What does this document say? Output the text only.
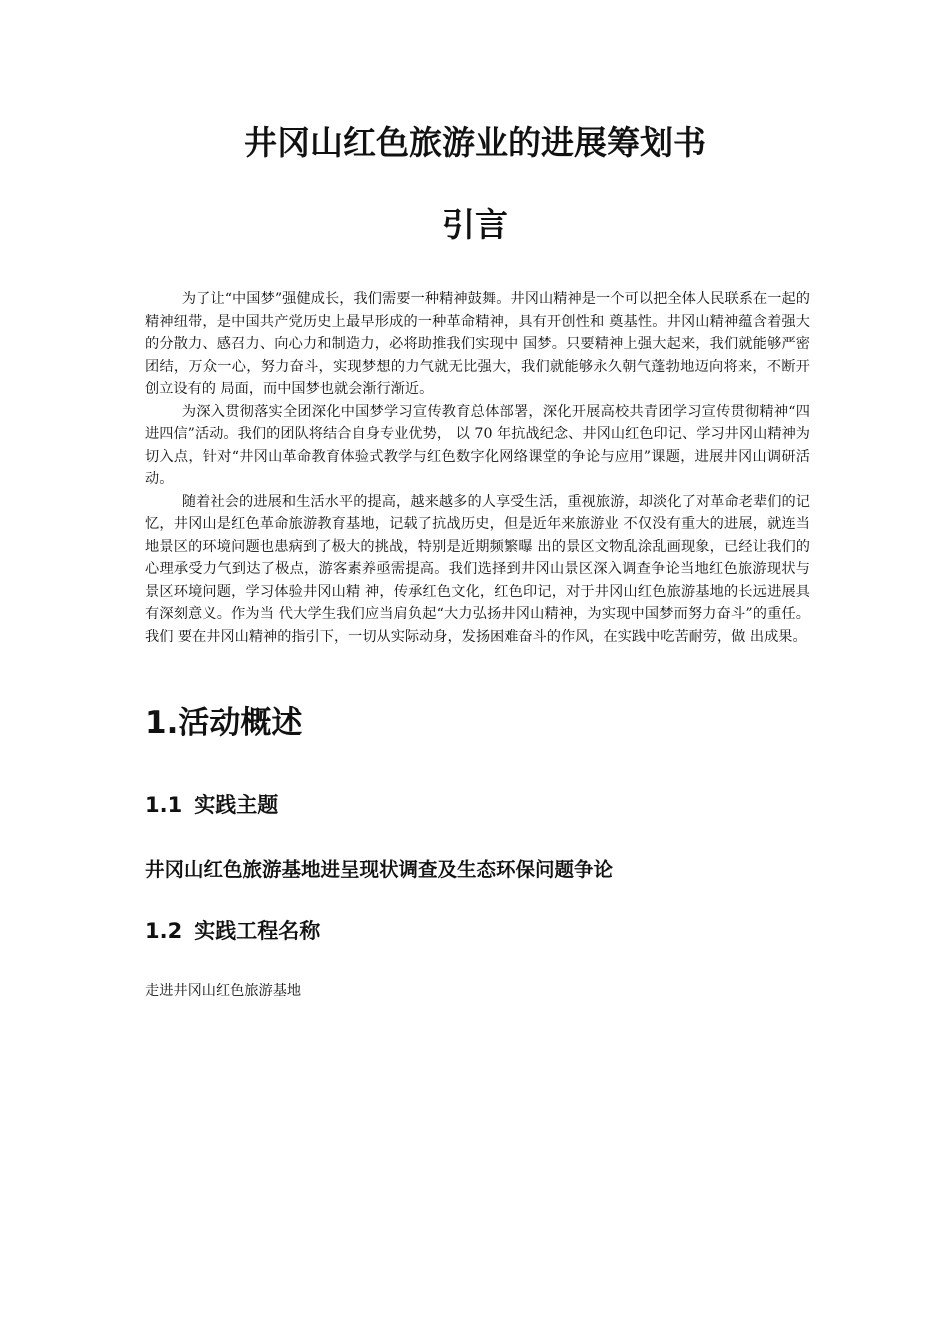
井冈山红色旅游业的进展筹划书
引言

为了让“中国梦”强健成长，我们需要一种精神鼓舞。井冈山精神是一个可以把全体人民联系在一起的精神纽带，是中国共产党历史上最早形成的一种革命精神，具有开创性和 奠基性。井冈山精神蕴含着强大的分散力、感召力、向心力和制造力，必将助推我们实现中 国梦。只要精神上强大起来，我们就能够严密团结，万众一心，努力奋斗，实现梦想的力气就无比强大，我们就能够永久朝气蓬勃地迈向将来，不断开创立设有的 局面，而中国梦也就会渐行渐近。

为深入贯彻落实全团深化中国梦学习宣传教育总体部署，深化开展高校共青团学习宣传贯彻精神“四进四信”活动。我们的团队将结合自身专业优势， 以 70 年抗战纪念、井冈山红色印记、学习井冈山精神为切入点，针对“井冈山革命教育体验式教学与红色数字化网络课堂的争论与应用”课题，进展井冈山调研活动。

随着社会的进展和生活水平的提高，越来越多的人享受生活，重视旅游，却淡化了对革命老辈们的记忆，井冈山是红色革命旅游教育基地，记载了抗战历史，但是近年来旅游业 不仅没有重大的进展，就连当地景区的环境问题也患病到了极大的挑战，特别是近期频繁曝 出的景区文物乱涂乱画现象，已经让我们的心理承受力气到达了极点，游客素养亟需提高。我们选择到井冈山景区深入调查争论当地红色旅游现状与景区环境问题，学习体验井冈山精 神，传承红色文化，红色印记，对于井冈山红色旅游基地的长远进展具有深刻意义。作为当 代大学生我们应当肩负起“大力弘扬井冈山精神，为实现中国梦而努力奋斗”的重任。我们 要在井冈山精神的指引下，一切从实际动身，发扬困难奋斗的作风，在实践中吃苦耐劳，做 出成果。

1.活动概述
1.1 实践主题

井冈山红色旅游基地进呈现状调查及生态环保问题争论

1.2 实践工程名称

走进井冈山红色旅游基地
